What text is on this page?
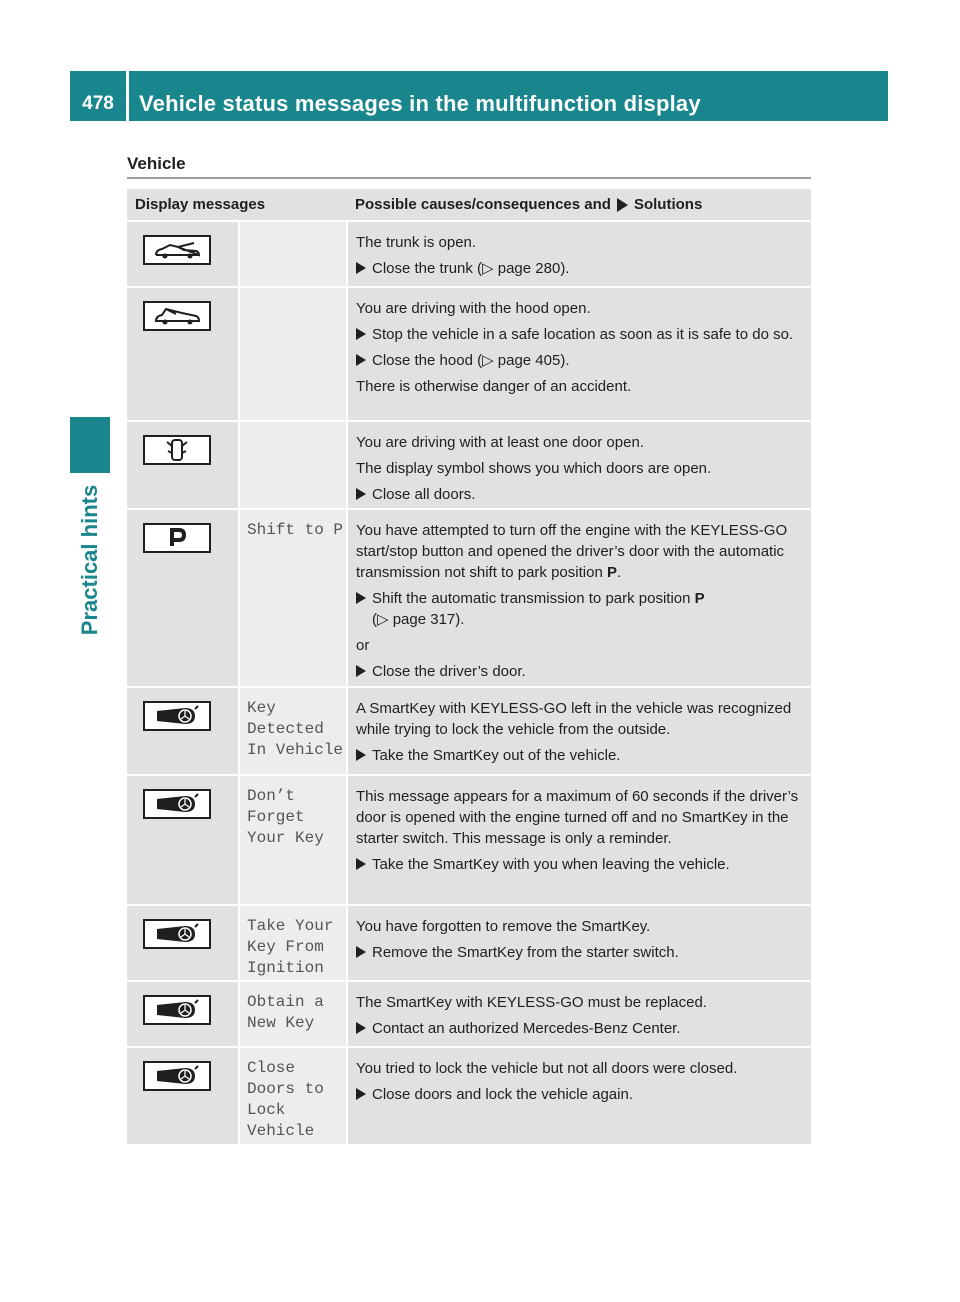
478	Vehicle status messages in the multifunction display
Practical hints
Vehicle
Display messages	Possible causes/consequences and Solutions
The trunk is open.
Close the trunk (▷ page 280).
You are driving with the hood open.
Stop the vehicle in a safe location as soon as it is safe to do so.
Close the hood (▷ page 405).
There is otherwise danger of an accident.
You are driving with at least one door open.
The display symbol shows you which doors are open.
Close all doors.
Shift to P You have attempted to turn off the engine with the KEYLESS-GO start/stop button and opened the driver’s door with the automatic transmission not shift to park position P.
Shift the automatic transmission to park position P
(▷ page 317).
or
Close the driver’s door.
Key
Detected
In Vehicle
A SmartKey with KEYLESS-GO left in the vehicle was recognized while trying to lock the vehicle from the outside.
Take the SmartKey out of the vehicle.
Don’t
Forget
Your Key
This message appears for a maximum of 60 seconds if the driver’s door is opened with the engine turned off and no SmartKey in the starter switch. This message is only a reminder.
Take the SmartKey with you when leaving the vehicle.
Take Your
Key From
Ignition
You have forgotten to remove the SmartKey.
Remove the SmartKey from the starter switch.
Obtain a
New Key
The SmartKey with KEYLESS-GO must be replaced.
Contact an authorized Mercedes-Benz Center.
Close
Doors to
Lock
Vehicle
You tried to lock the vehicle but not all doors were closed.
Close doors and lock the vehicle again.
